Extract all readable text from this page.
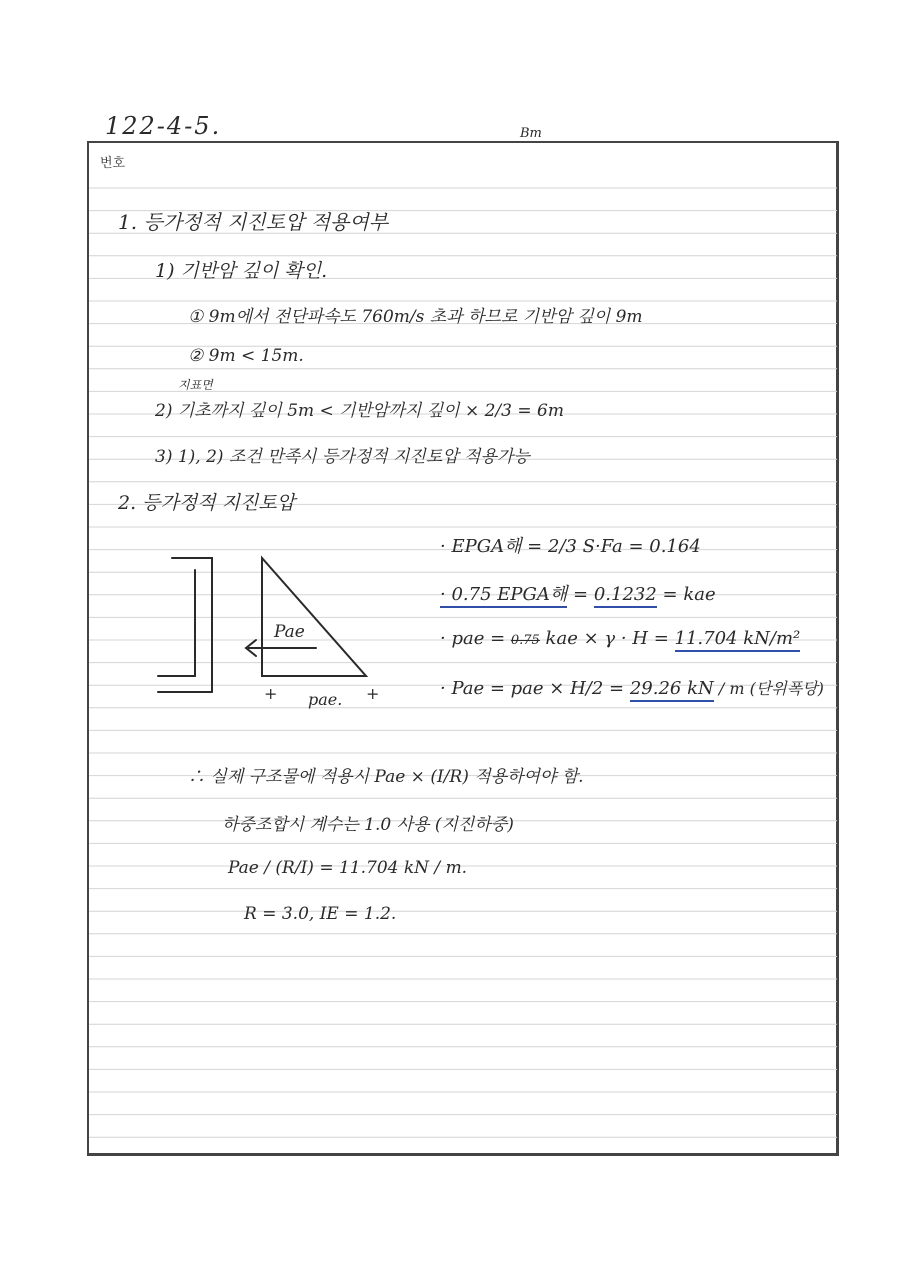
122-4-5.	Bm
번호
1. 등가정적 지진토압 적용여부
1) 기반암 깊이 확인.
① 9m에서 전단파속도 760m/s 초과 하므로 기반암 깊이 9m
② 9m < 15m.
지표면
2) 기초까지 깊이 5m < 기반암까지 깊이 × 2/3 = 6m
3) 1), 2) 조건 만족시 등가정적 지진토압 적용가능
2. 등가정적 지진토압
Pae
pae.
+	+
· EPGA해 = 2/3 S·Fa = 0.164
· 0.75 EPGA해 = 0.1232 = kae
· pae = 0.75 kae × γ · H = 11.704 kN/m²
· Pae = pae × H/2 = 29.26 kN / m (단위폭당)
∴ 실제 구조물에 적용시 Pae × (I/R) 적용하여야 함.
하중조합시 계수는 1.0 사용 (지진하중)
Pae / (R/I) = 11.704 kN / m.
R = 3.0, IE = 1.2.
